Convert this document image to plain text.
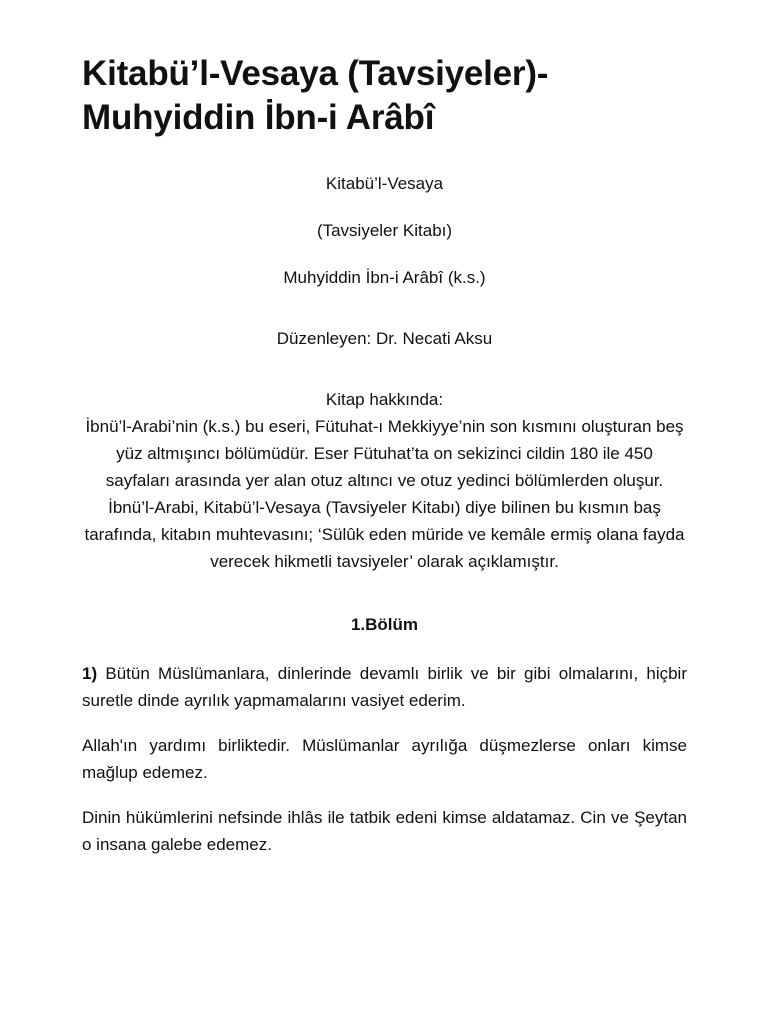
Kitabü’l-Vesaya (Tavsiyeler)- Muhyiddin İbn-i Arâbî

Kitabü’l-Vesaya

(Tavsiyeler Kitabı)

Muhyiddin İbn-i Arâbî (k.s.)

Düzenleyen: Dr. Necati Aksu

Kitap hakkında:
İbnü’l-Arabi’nin (k.s.) bu eseri, Fütuhat-ı Mekkiyye’nin son kısmını oluşturan beş yüz altmışıncı bölümüdür. Eser Fütuhat’ta on sekizinci cildin 180 ile 450 sayfaları arasında yer alan otuz altıncı ve otuz yedinci bölümlerden oluşur. İbnü’l-Arabi, Kitabü’l-Vesaya (Tavsiyeler Kitabı) diye bilinen bu kısmın baş tarafında, kitabın muhtevasını; ‘Sülûk eden müride ve kemâle ermiş olana fayda verecek hikmetli tavsiyeler’ olarak açıklamıştır.
1.Bölüm

1) Bütün Müslümanlara, dinlerinde devamlı birlik ve bir gibi olmalarını, hiçbir suretle dinde ayrılık yapmamalarını vasiyet ederim.

Allah'ın yardımı birliktedir. Müslümanlar ayrılığa düşmezlerse onları kimse mağlup edemez.

Dinin hükümlerini nefsinde ihlâs ile tatbik edeni kimse aldatamaz. Cin ve Şeytan o insana galebe edemez.
